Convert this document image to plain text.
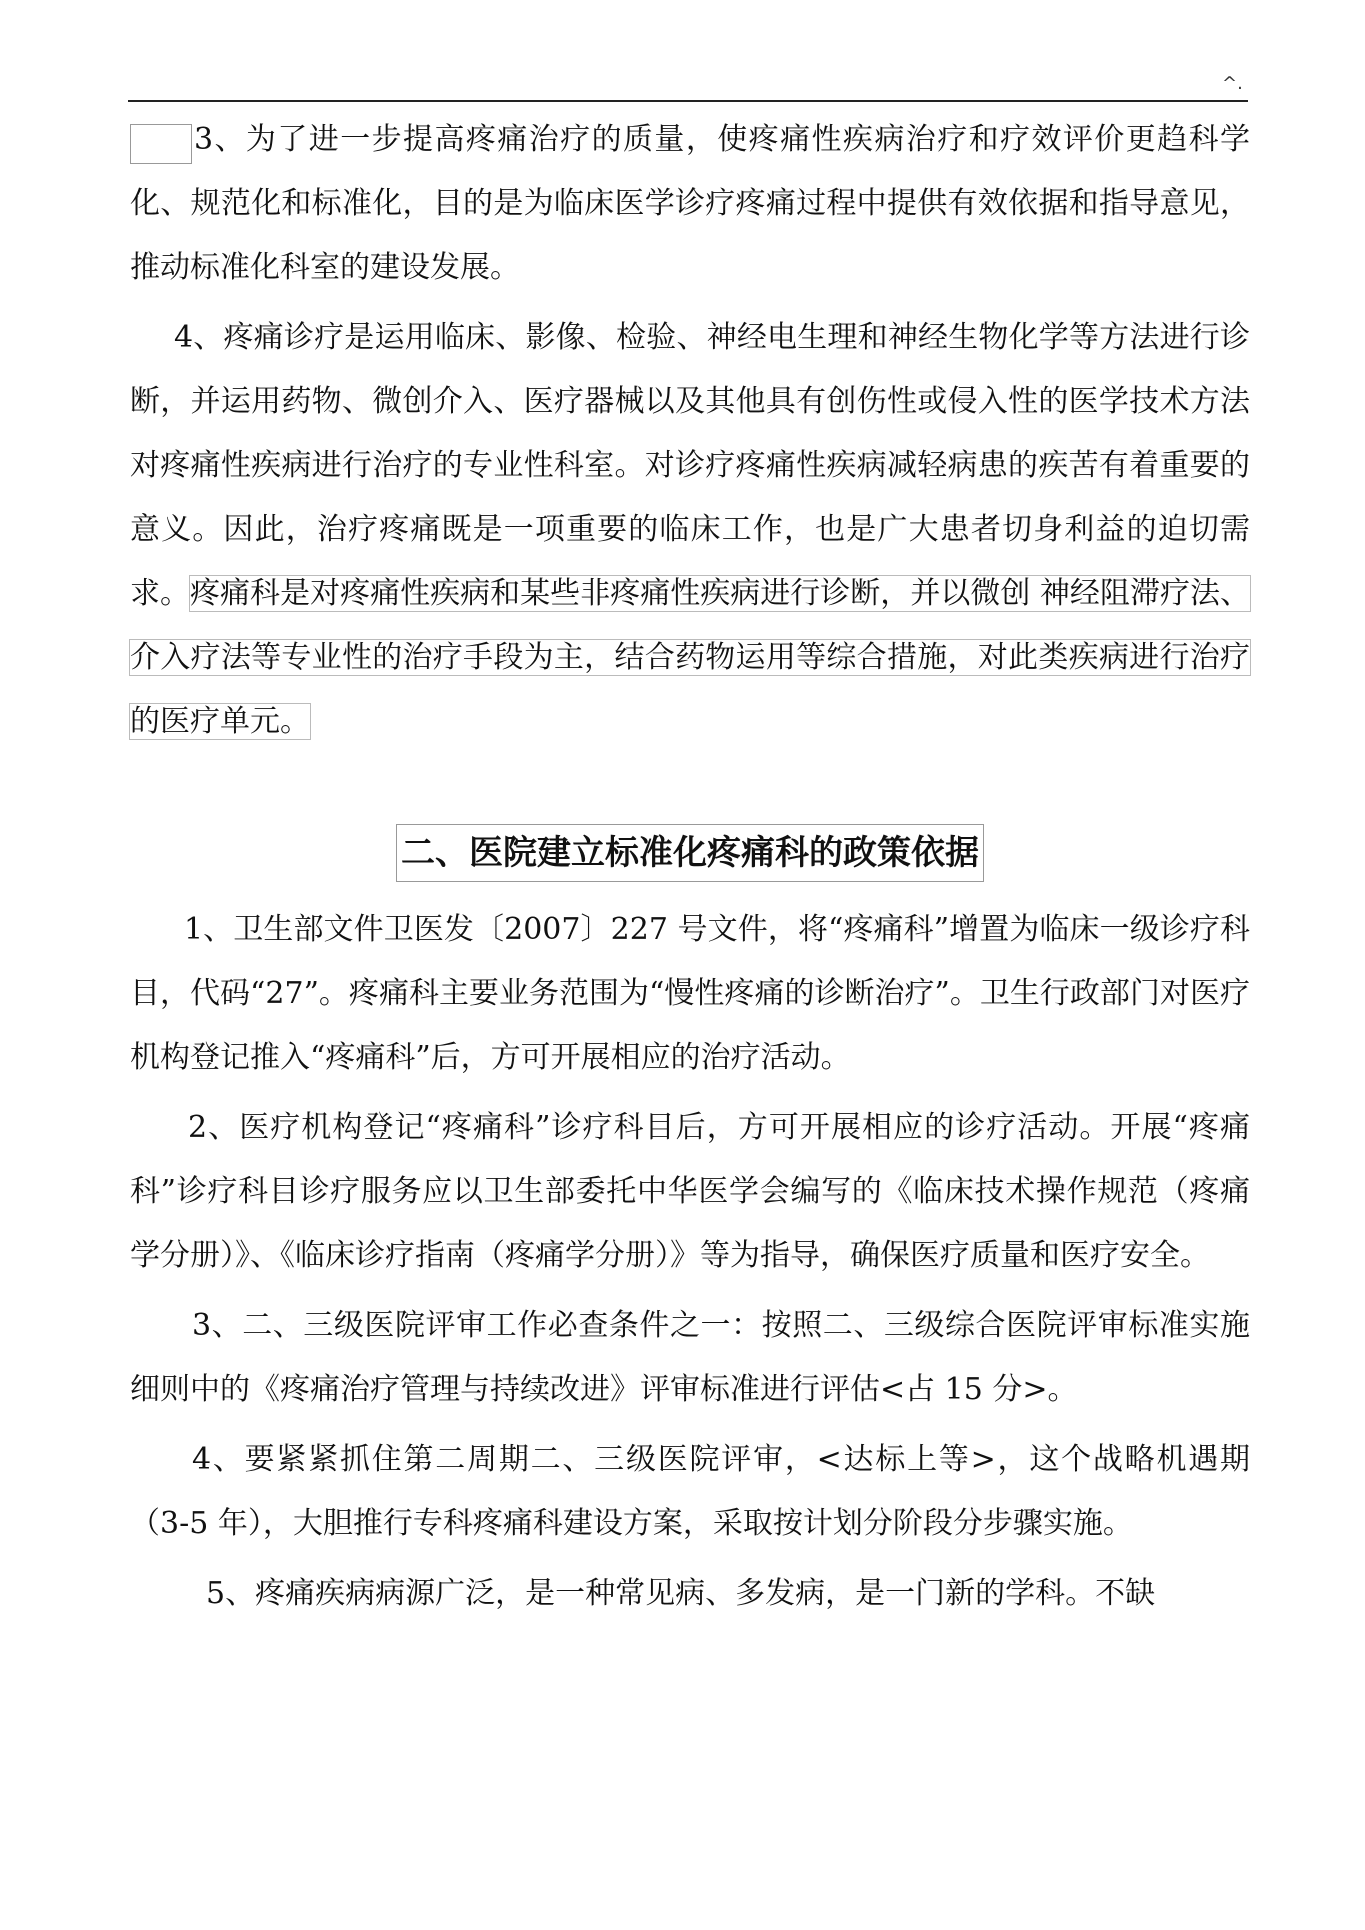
^.

3、为了进一步提高疼痛治疗的质量，使疼痛性疾病治疗和疗效评价更趋科学化、规范化和标准化，目的是为临床医学诊疗疼痛过程中提供有效依据和指导意见，推动标准化科室的建设发展。

4、疼痛诊疗是运用临床、影像、检验、神经电生理和神经生物化学等方法进行诊断，并运用药物、微创介入、医疗器械以及其他具有创伤性或侵入性的医学技术方法对疼痛性疾病进行治疗的专业性科室。对诊疗疼痛性疾病减轻病患的疾苦有着重要的意义。因此，治疗疼痛既是一项重要的临床工作，也是广大患者切身利益的迫切需求。疼痛科是对疼痛性疾病和某些非疼痛性疾病进行诊断，并以微创 神经阻滞疗法、介入疗法等专业性的治疗手段为主，结合药物运用等综合措施，对此类疾病进行治疗的医疗单元。

二、医院建立标准化疼痛科的政策依据

1、卫生部文件卫医发〔2007〕227 号文件，将“疼痛科”增置为临床一级诊疗科目，代码“27”。疼痛科主要业务范围为“慢性疼痛的诊断治疗”。卫生行政部门对医疗机构登记推入“疼痛科”后，方可开展相应的治疗活动。

2、医疗机构登记“疼痛科”诊疗科目后，方可开展相应的诊疗活动。开展“疼痛科”诊疗科目诊疗服务应以卫生部委托中华医学会编写的《临床技术操作规范（疼痛学分册）》、《临床诊疗指南（疼痛学分册）》等为指导，确保医疗质量和医疗安全。

3、二、三级医院评审工作必查条件之一：按照二、三级综合医院评审标准实施细则中的《疼痛治疗管理与持续改进》评审标准进行评估<占 15 分>。

4、要紧紧抓住第二周期二、三级医院评审，<达标上等>，这个战略机遇期（3-5 年），大胆推行专科疼痛科建设方案，采取按计划分阶段分步骤实施。

5、疼痛疾病病源广泛，是一种常见病、多发病，是一门新的学科。不缺
